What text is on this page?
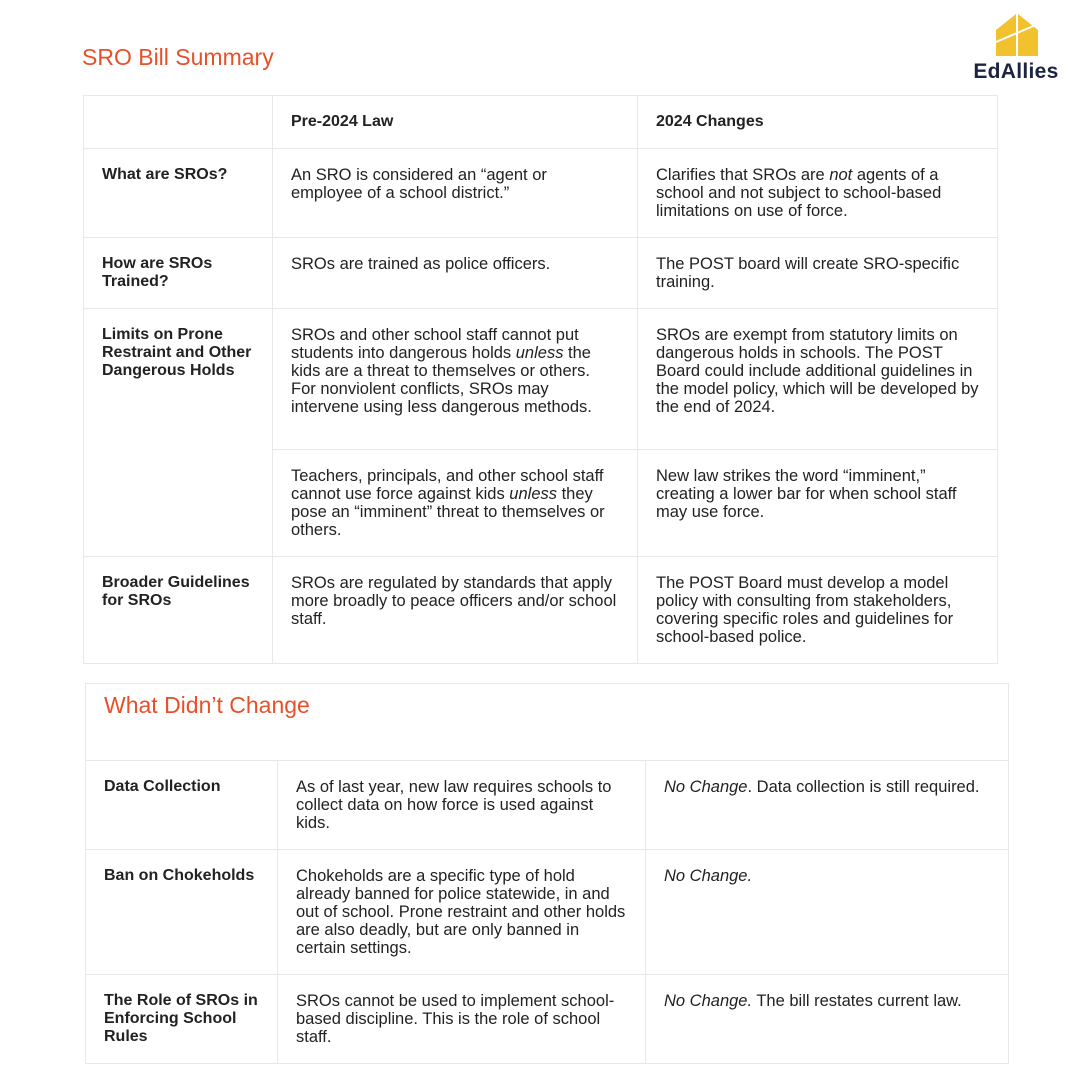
SRO Bill Summary
EdAllies
	Pre-2024 Law	2024 Changes
What are SROs?	An SRO is considered an “agent or employee of a school district.”	Clarifies that SROs are not agents of a school and not subject to school-based limitations on use of force.
How are SROs Trained?	SROs are trained as police officers.	The POST board will create SRO-specific training.
Limits on Prone Restraint and Other Dangerous Holds	SROs and other school staff cannot put students into dangerous holds unless the kids are a threat to themselves or others. For nonviolent conflicts, SROs may intervene using less dangerous methods.	SROs are exempt from statutory limits on dangerous holds in schools. The POST Board could include additional guidelines in the model policy, which will be developed by the end of 2024.
	Teachers, principals, and other school staff cannot use force against kids unless they pose an “imminent” threat to themselves or others.	New law strikes the word “imminent,” creating a lower bar for when school staff may use force.
Broader Guidelines for SROs	SROs are regulated by standards that apply more broadly to peace officers and/or school staff.	The POST Board must develop a model policy with consulting from stakeholders, covering specific roles and guidelines for school-based police.
What Didn’t Change		
Data Collection	As of last year, new law requires schools to collect data on how force is used against kids.	No Change. Data collection is still required.
Ban on Chokeholds	Chokeholds are a specific type of hold already banned for police statewide, in and out of school. Prone restraint and other holds are also deadly, but are only banned in certain settings.	No Change.
The Role of SROs in Enforcing School Rules	SROs cannot be used to implement school-based discipline. This is the role of school staff.	No Change. The bill restates current law.
